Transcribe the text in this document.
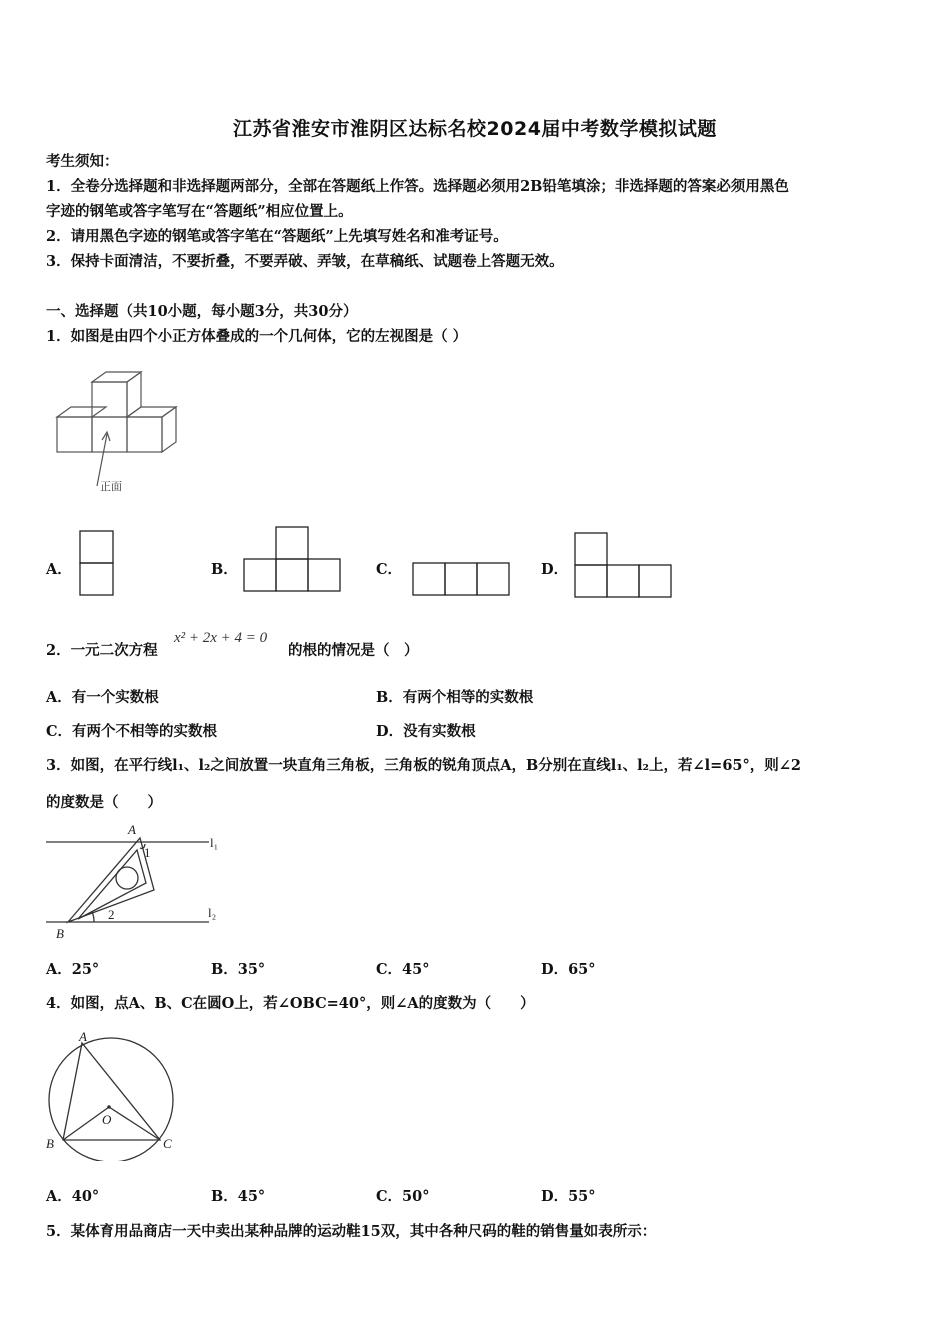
江苏省淮安市淮阴区达标名校2024届中考数学模拟试题
考生须知：
1．全卷分选择题和非选择题两部分，全部在答题纸上作答。选择题必须用2B铅笔填涂；非选择题的答案必须用黑色
字迹的钢笔或答字笔写在“答题纸”相应位置上。
2．请用黑色字迹的钢笔或答字笔在“答题纸”上先填写姓名和准考证号。
3．保持卡面清洁，不要折叠，不要弄破、弄皱，在草稿纸、试题卷上答题无效。
一、选择题（共10小题，每小题3分，共30分）
1．如图是由四个小正方体叠成的一个几何体，它的左视图是（ ）
正面
A．	B．	C．	D．
2．一元二次方程
x² + 2x + 4 = 0
的根的情况是（　）
A．有一个实数根	B．有两个相等的实数根
C．有两个不相等的实数根	D．没有实数根
3．如图，在平行线l₁、l₂之间放置一块直角三角板，三角板的锐角顶点A，B分别在直线l₁、l₂上，若∠l=65°，则∠2
的度数是（　　）
A
B
1
2
l₁
l₂
A．25°	B．35°	C．45°	D．65°
4．如图，点A、B、C在圆O上，若∠OBC=40°，则∠A的度数为（　　）
A
B	C
O
A．40°	B．45°	C．50°	D．55°
5．某体育用品商店一天中卖出某种品牌的运动鞋15双，其中各种尺码的鞋的销售量如表所示：
